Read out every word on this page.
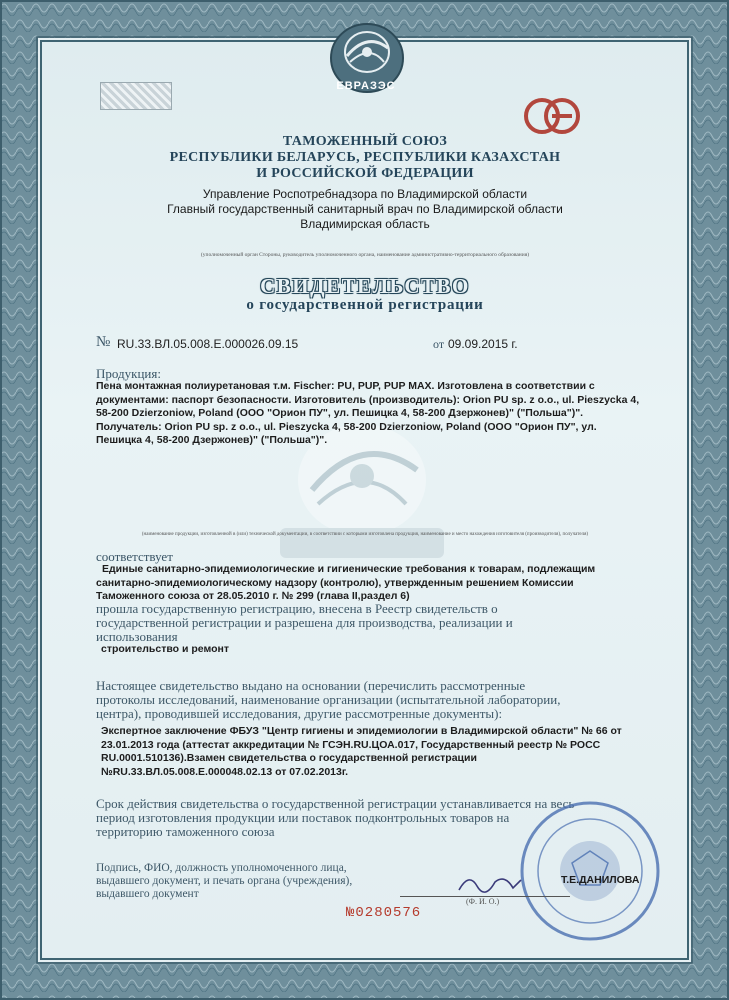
ЕВРАЗЭС
ТАМОЖЕННЫЙ СОЮЗ
РЕСПУБЛИКИ БЕЛАРУСЬ, РЕСПУБЛИКИ КАЗАХСТАН
И РОССИЙСКОЙ ФЕДЕРАЦИИ
Управление Роспотребнадзора по Владимирской области
Главный государственный санитарный врач по Владимирской области
Владимирская область
(уполномоченный орган Стороны, руководитель уполномоченного органа, наименование административно-территориального образования)
СВИДЕТЕЛЬСТВО
о государственной регистрации
№ RU.33.ВЛ.05.008.Е.000026.09.15	от 09.09.2015 г.
Продукция:
Пена монтажная полиуретановая т.м. Fischer: PU, PUP, PUP MAX. Изготовлена в соответствии с
документами: паспорт безопасности. Изготовитель (производитель): Orion PU sp. z o.o., ul. Pieszycka 4,
58-200 Dzierzoniow, Poland (ООО "Орион ПУ", ул. Пешицка 4, 58-200 Дзержонев)" ("Польша")".
Получатель: Orion PU sp. z o.o., ul. Pieszycka 4, 58-200 Dzierzoniow, Poland (ООО "Орион ПУ", ул.
Пешицка 4, 58-200 Дзержонев)" ("Польша")".
(наименование продукции, изготовленной в (или) технической документации, в соответствии с которыми изготовлена продукция, наименование и место нахождения изготовителя (производителя), получателя)
соответствует
Единые санитарно-эпидемиологические и гигиенические требования к товарам, подлежащим
санитарно-эпидемиологическому надзору (контролю), утвержденным решением Комиссии
Таможенного союза от 28.05.2010 г. № 299 (глава II,раздел 6)
прошла государственную регистрацию, внесена в Реестр свидетельств о
государственной регистрации и разрешена для производства, реализации и
использования
строительство и ремонт
Настоящее свидетельство выдано на основании (перечислить рассмотренные
протоколы исследований, наименование организации (испытательной лаборатории,
центра), проводившей исследования, другие рассмотренные документы):
Экспертное заключение ФБУЗ "Центр гигиены и эпидемиологии в Владимирской области" № 66 от
23.01.2013 года (аттестат аккредитации № ГСЭН.RU.ЦОА.017, Государственный реестр № РОСС
RU.0001.510136).Взамен свидетельства о государственной регистрации
№RU.33.ВЛ.05.008.Е.000048.02.13 от 07.02.2013г.
Срок действия свидетельства о государственной регистрации устанавливается на весь
период изготовления продукции или поставок подконтрольных товаров на
территорию таможенного союза
Подпись, ФИО, должность уполномоченного лица,
выдавшего документ, и печать органа (учреждения),
выдавшего документ
Т.Е.ДАНИЛОВА
(Ф. И. О.)
№0280576
